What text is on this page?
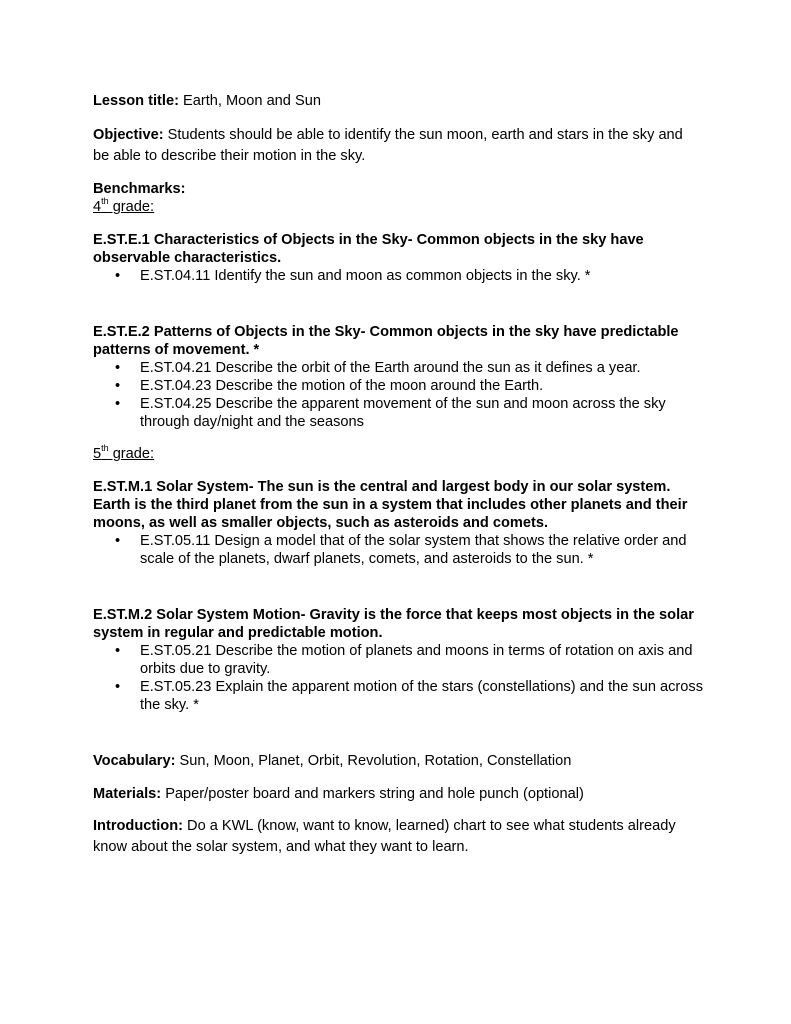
Lesson title: Earth, Moon and Sun

Objective: Students should be able to identify the sun moon, earth and stars in the sky and be able to describe their motion in the sky.

Benchmarks:

4th grade:

E.ST.E.1 Characteristics of Objects in the Sky- Common objects in the sky have observable characteristics.

• E.ST.04.11 Identify the sun and moon as common objects in the sky. *

E.ST.E.2 Patterns of Objects in the Sky- Common objects in the sky have predictable patterns of movement. *

• E.ST.04.21 Describe the orbit of the Earth around the sun as it defines a year.
• E.ST.04.23 Describe the motion of the moon around the Earth.
• E.ST.04.25 Describe the apparent movement of the sun and moon across the sky through day/night and the seasons

5th grade:

E.ST.M.1 Solar System- The sun is the central and largest body in our solar system. Earth is the third planet from the sun in a system that includes other planets and their moons, as well as smaller objects, such as asteroids and comets.

• E.ST.05.11 Design a model that of the solar system that shows the relative order and scale of the planets, dwarf planets, comets, and asteroids to the sun. *

E.ST.M.2 Solar System Motion- Gravity is the force that keeps most objects in the solar system in regular and predictable motion.

• E.ST.05.21 Describe the motion of planets and moons in terms of rotation on axis and orbits due to gravity.
• E.ST.05.23 Explain the apparent motion of the stars (constellations) and the sun across the sky. *

Vocabulary: Sun, Moon, Planet, Orbit, Revolution, Rotation, Constellation

Materials: Paper/poster board and markers string and hole punch (optional)

Introduction: Do a KWL (know, want to know, learned) chart to see what students already know about the solar system, and what they want to learn.
